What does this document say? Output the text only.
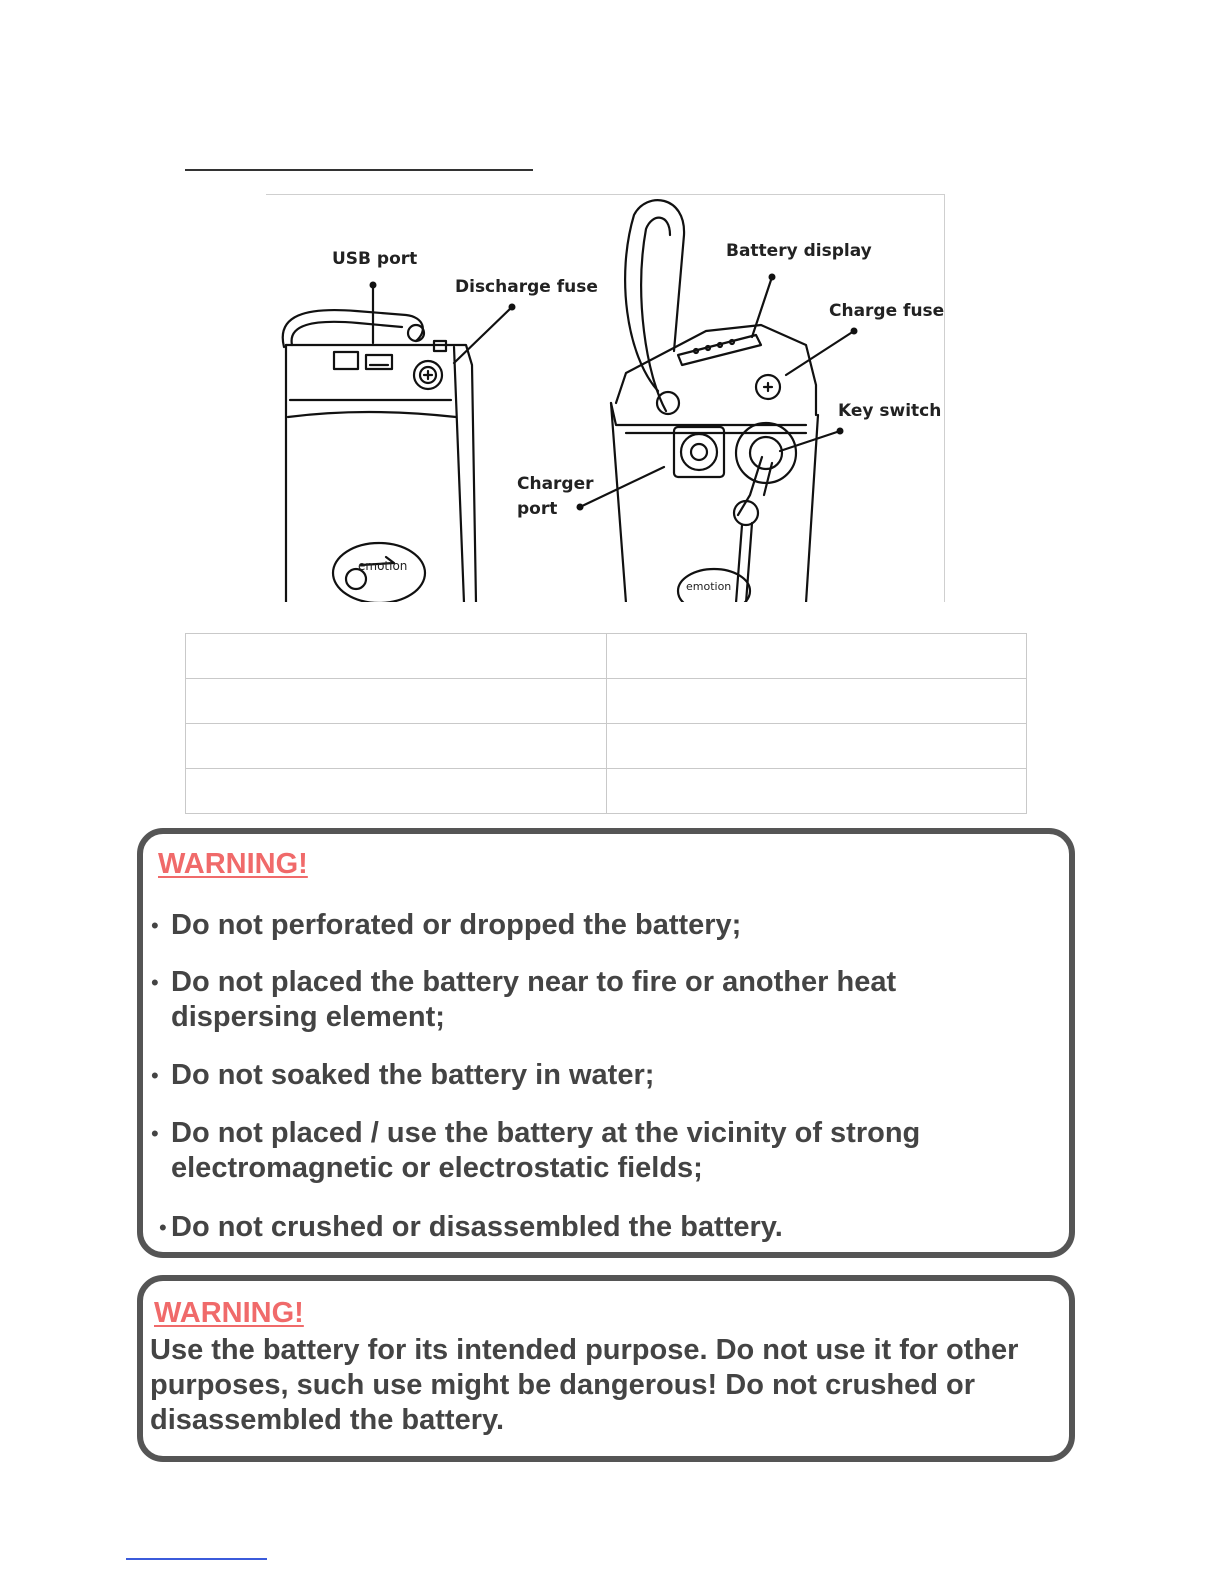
USB port
Discharge fuse
Battery display
Charge fuse
Key switch
Charger
port
emotion
emotion

WARNING!
• Do not perforated or dropped the battery;
• Do not placed the battery near to fire or another heat dispersing element;
• Do not soaked the battery in water;
• Do not placed / use the battery at the vicinity of strong electromagnetic or electrostatic fields;
• Do not crushed or disassembled the battery.
WARNING!
Use the battery for its intended purpose. Do not use it for other purposes, such use might be dangerous! Do not crushed or disassembled the battery.
